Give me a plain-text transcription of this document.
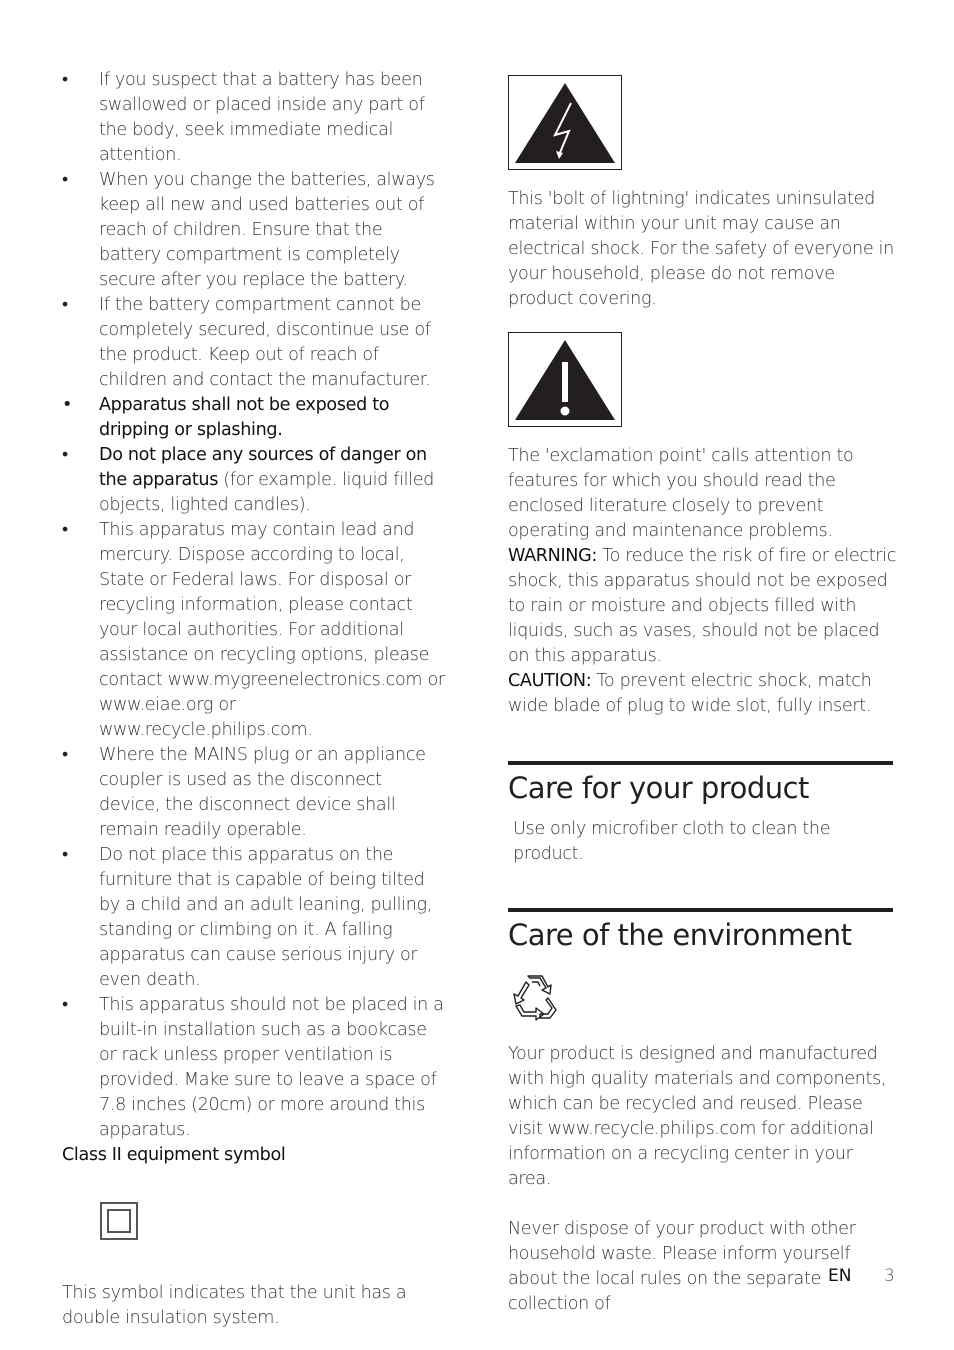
• If you suspect that a battery has been swallowed or placed inside any part of the body, seek immediate medical attention.
• When you change the batteries, always keep all new and used batteries out of reach of children. Ensure that the battery compartment is completely secure after you replace the battery.
• If the battery compartment cannot be completely secured, discontinue use of the product. Keep out of reach of children and contact the manufacturer.
• Apparatus shall not be exposed to dripping or splashing.
• Do not place any sources of danger on the apparatus (for example. liquid filled objects, lighted candles).
• This apparatus may contain lead and mercury. Dispose according to local, State or Federal laws. For disposal or recycling information, please contact your local authorities. For additional assistance on recycling options, please contact www.mygreenelectronics.com or www.eiae.org or www.recycle.philips.com.
• Where the MAINS plug or an appliance coupler is used as the disconnect device, the disconnect device shall remain readily operable.
• Do not place this apparatus on the furniture that is capable of being tilted by a child and an adult leaning, pulling, standing or climbing on it. A falling apparatus can cause serious injury or even death.
• This apparatus should not be placed in a built-in installation such as a bookcase or rack unless proper ventilation is provided. Make sure to leave a space of 7.8 inches (20cm) or more around this apparatus.

Class II equipment symbol

This symbol indicates that the unit has a double insulation system.

This 'bolt of lightning' indicates uninsulated material within your unit may cause an electrical shock. For the safety of everyone in your household, please do not remove product covering.

The 'exclamation point' calls attention to features for which you should read the enclosed literature closely to prevent operating and maintenance problems.

WARNING: To reduce the risk of fire or electric shock, this apparatus should not be exposed to rain or moisture and objects filled with liquids, such as vases, should not be placed on this apparatus.

CAUTION: To prevent electric shock, match wide blade of plug to wide slot, fully insert.

Care for your product

Use only microfiber cloth to clean the product.

Care of the environment

Your product is designed and manufactured with high quality materials and components, which can be recycled and reused. Please visit www.recycle.philips.com for additional information on a recycling center in your area.

Never dispose of your product with other household waste. Please inform yourself about the local rules on the separate collection of

EN 3
